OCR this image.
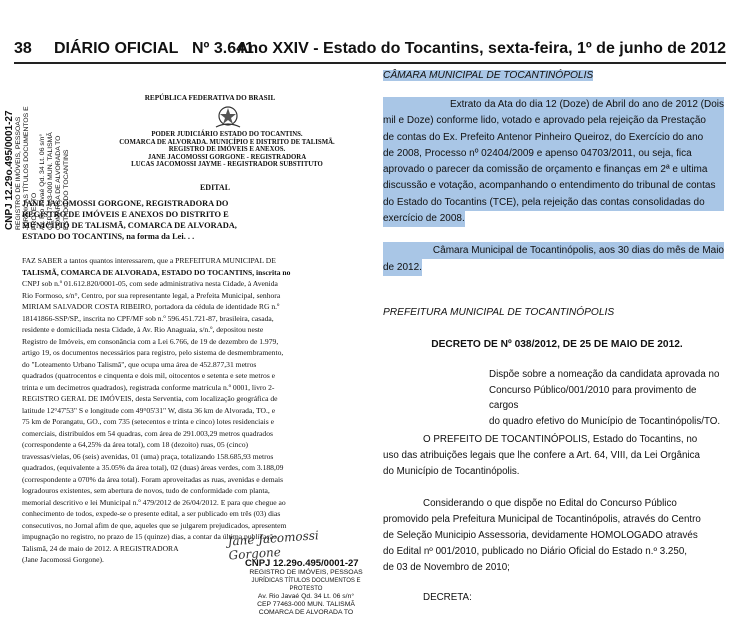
38 DIÁRIO OFICIAL Nº 3.641
Ano XXIV - Estado do Tocantins, sexta-feira, 1º de junho de 2012
CNPJ 12.29o.495/0001-27 REGISTRO DE IMÓVEIS, PESSOAS JURÍDICAS TÍTULOS DOCUMENTOS E PROTESTO Av. Rio Javaé Qd. 34 Lt. 06 s/n° CEP 77463-000 MUN. TALISMÃ COMARCA DE ALVORADA TO ESTADO DO TOCANTINS
REPÚBLICA FEDERATIVA DO BRASIL
PODER JUDICIÁRIO ESTADO DO TOCANTINS.
COMARCA DE ALVORADA. MUNICÍPIO E DISTRITO DE TALISMÃ.
REGISTRO DE IMÓVEIS E ANEXOS.
JANE JACOMOSSI GORGONE - REGISTRADORA
LUCAS JACOMOSSI JAYME - REGISTRADOR SUBSTITUTO
EDITAL
JANE JACOMOSSI GORGONE, REGISTRADORA DO
REGISTRO DE IMÓVEIS E ANEXOS DO DISTRITO E
MUNICÍPIO DE TALISMÃ, COMARCA DE ALVORADA,
ESTADO DO TOCANTINS, na forma da Lei. . .
FAZ SABER a tantos quantos interessarem, que a PREFEITURA MUNICIPAL DE
TALISMÃ, COMARCA DE ALVORADA, ESTADO DO TOCANTINS, inscrita no
CNPJ sob n.º 01.612.820/0001-05, com sede administrativa nesta Cidade, à Avenida
Rio Formoso, s/n°, Centro, por sua representante legal, a Prefeita Municipal, senhora
MIRIAM SALVADOR COSTA RIBEIRO, portadora da cédula de identidade RG n.º
18141866-SSP/SP., inscrita no CPF/MF sob n.º 596.451.721-87, brasileira, casada,
residente e domiciliada nesta Cidade, à Av. Rio Anaguaia, s/n.º, depositou neste
Registro de Imóveis, em consonância com a Lei 6.766, de 19 de dezembro de 1.979,
artigo 19, os documentos necessários para registro, pelo sistema de desmembramento,
do "Loteamento Urbano Talismã", que ocupa uma área de 452.877,31 metros
quadrados (quatrocentos e cinquenta e dois mil, oitocentos e setenta e sete metros e
trinta e um decimetros quadrados), registrada conforme matrícula n.º 0001, livro 2-
REGISTRO GERAL DE IMÓVEIS, desta Serventia, com localização geográfica de
latitude 12°47'53" S e longitude com 49°05'31" W, dista 36 km de Alvorada, TO., e
75 km de Porangatu, GO., com 735 (setecentos e trinta e cinco) lotes residenciais e
comerciais, distribuídos em 54 quadras, com área de 291.003,29 metros quadrados
(correspondente a 64,25% da área total), com 18 (dezoito) ruas, 05 (cinco)
travessas/vielas, 06 (seis) avenidas, 01 (uma) praça, totalizando 158.685,93 metros
quadrados, (equivalente a 35.05% da área total), 02 (duas) áreas verdes, com 3.188,09
(correspondente a 070% da área total). Foram aproveitadas as ruas, avenidas e demais
logradouros existentes, sem abertura de novos, tudo de conformidade com planta,
memorial descritivo e lei Municipal n.º 479/2012 de 26/04/2012. E para que chegue ao
conhecimento de todos, expede-se o presente edital, a ser publicado em três (03) dias
consecutivos, no Jornal afim de que, aqueles que se julgarem prejudicados, apresentem
impugnação no registro, no prazo de 15 (quinze) dias, a contar da última publicação.
Talismã, 24 de maio de 2012. A REGISTRADORA
(Jane Jacomossi Gorgone).
Jane Jacomossi Gorgone
CNPJ 12.29o.495/0001-27
REGISTRO DE IMÓVEIS, PESSOAS
JURÍDICAS TÍTULOS DOCUMENTOS E PROTESTO
Av. Rio Javaé Qd. 34 Lt. 06 s/n°
CEP 77463-000 MUN. TALISMÃ
COMARCA DE ALVORADA TO
CÂMARA MUNICIPAL DE TOCANTINÓPOLIS
Extrato da Ata do dia 12 (Doze) de Abril do ano de 2012 (Dois
mil e Doze) conforme lido, votado e aprovado pela rejeição da Prestação
de contas do Ex. Prefeito Antenor Pinheiro Queiroz, do Exercício do ano
de 2008, Processo nº 02404/2009 e apenso 04703/2011, ou seja, fica
aprovado o parecer da comissão de orçamento e finanças em 2ª e ultima
discussão e votação, acompanhando o entendimento do tribunal de contas
do Estado do Tocantins (TCE), pela rejeição das contas consolidadas do
exercício de 2008.
Câmara Municipal de Tocantinópolis, aos 30 dias do mês de Maio
de 2012.
PREFEITURA MUNICIPAL DE TOCANTINÓPOLIS
DECRETO DE Nº 038/2012, DE 25 DE MAIO DE 2012.
Dispõe sobre a nomeação da candidata aprovada no
Concurso Público/001/2010 para provimento de cargos
do quadro efetivo do Município de Tocantinópolis/TO.
O PREFEITO DE TOCANTINÓPOLIS, Estado do Tocantins, no
uso das atribuições legais que lhe confere a Art. 64, VIII, da Lei Orgânica
do Município de Tocantinópolis.
Considerando o que dispõe no Edital do Concurso Público
promovido pela Prefeitura Municipal de Tocantinópolis, através do Centro
de Seleção Municipio Assessoria, devidamente HOMOLOGADO através
do Edital nº 001/2010, publicado no Diário Oficial do Estado n.º 3.250,
de 03 de Novembro de 2010;
DECRETA:
